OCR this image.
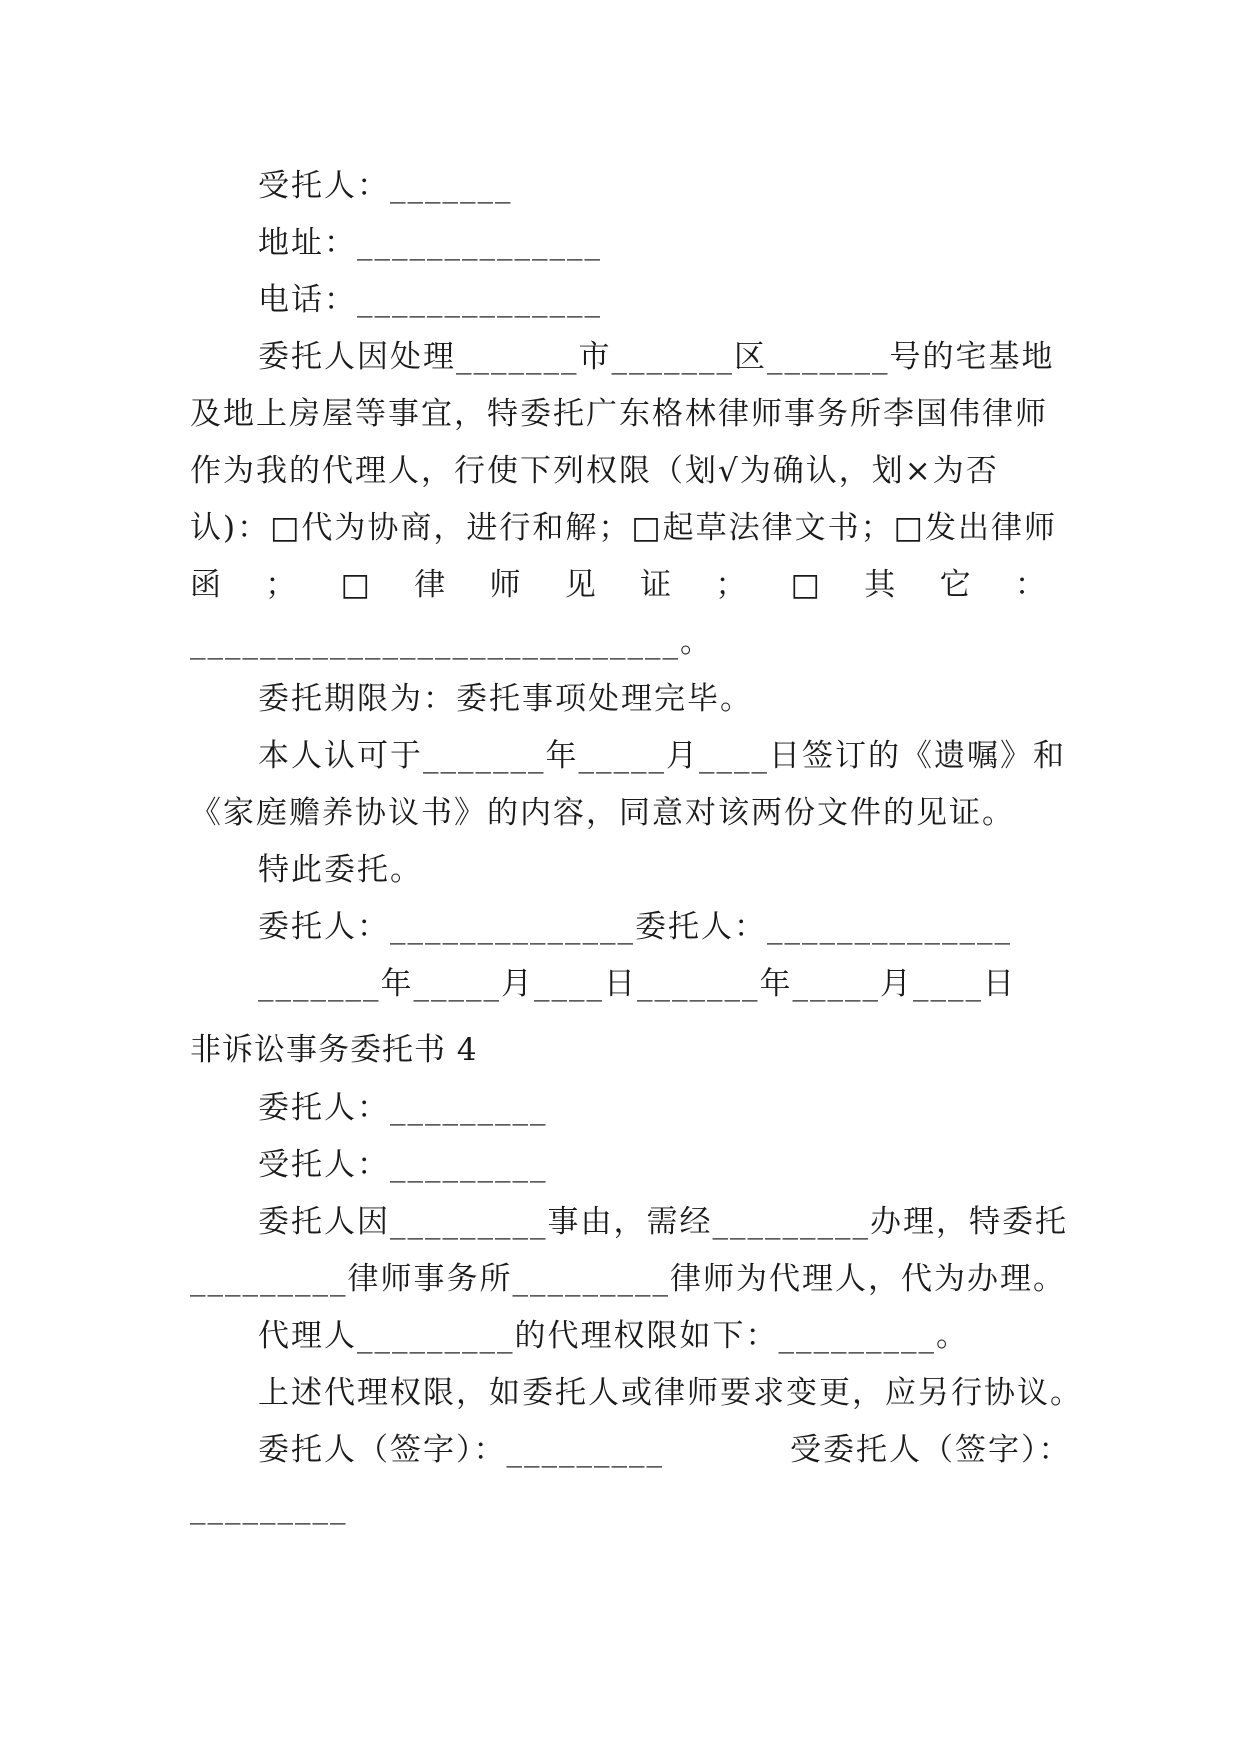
受托人：_______
地址：______________
电话：______________
委托人因处理_______市_______区_______号的宅基地
及地上房屋等事宜，特委托广东格林律师事务所李国伟律师
作为我的代理人，行使下列权限（划√为确认，划×为否
认)：□代为协商，进行和解；□起草法律文书；□发出律师
函 ； □ 律 师 见 证 ； □ 其 它 ：
____________________________。
委托期限为：委托事项处理完毕。
本人认可于_______年_____月____日签订的《遗嘱》和
《家庭赡养协议书》的内容，同意对该两份文件的见证。
特此委托。
委托人：______________委托人：______________
_______年_____月____日_______年_____月____日
非诉讼事务委托书 4
委托人：_________
受托人：_________
委托人因_________事由，需经_________办理，特委托
_________律师事务所_________律师为代理人，代为办理。
代理人_________的代理权限如下：_________。
上述代理权限，如委托人或律师要求变更，应另行协议。
委托人（签字）：_________	受委托人（签字）：
_________
